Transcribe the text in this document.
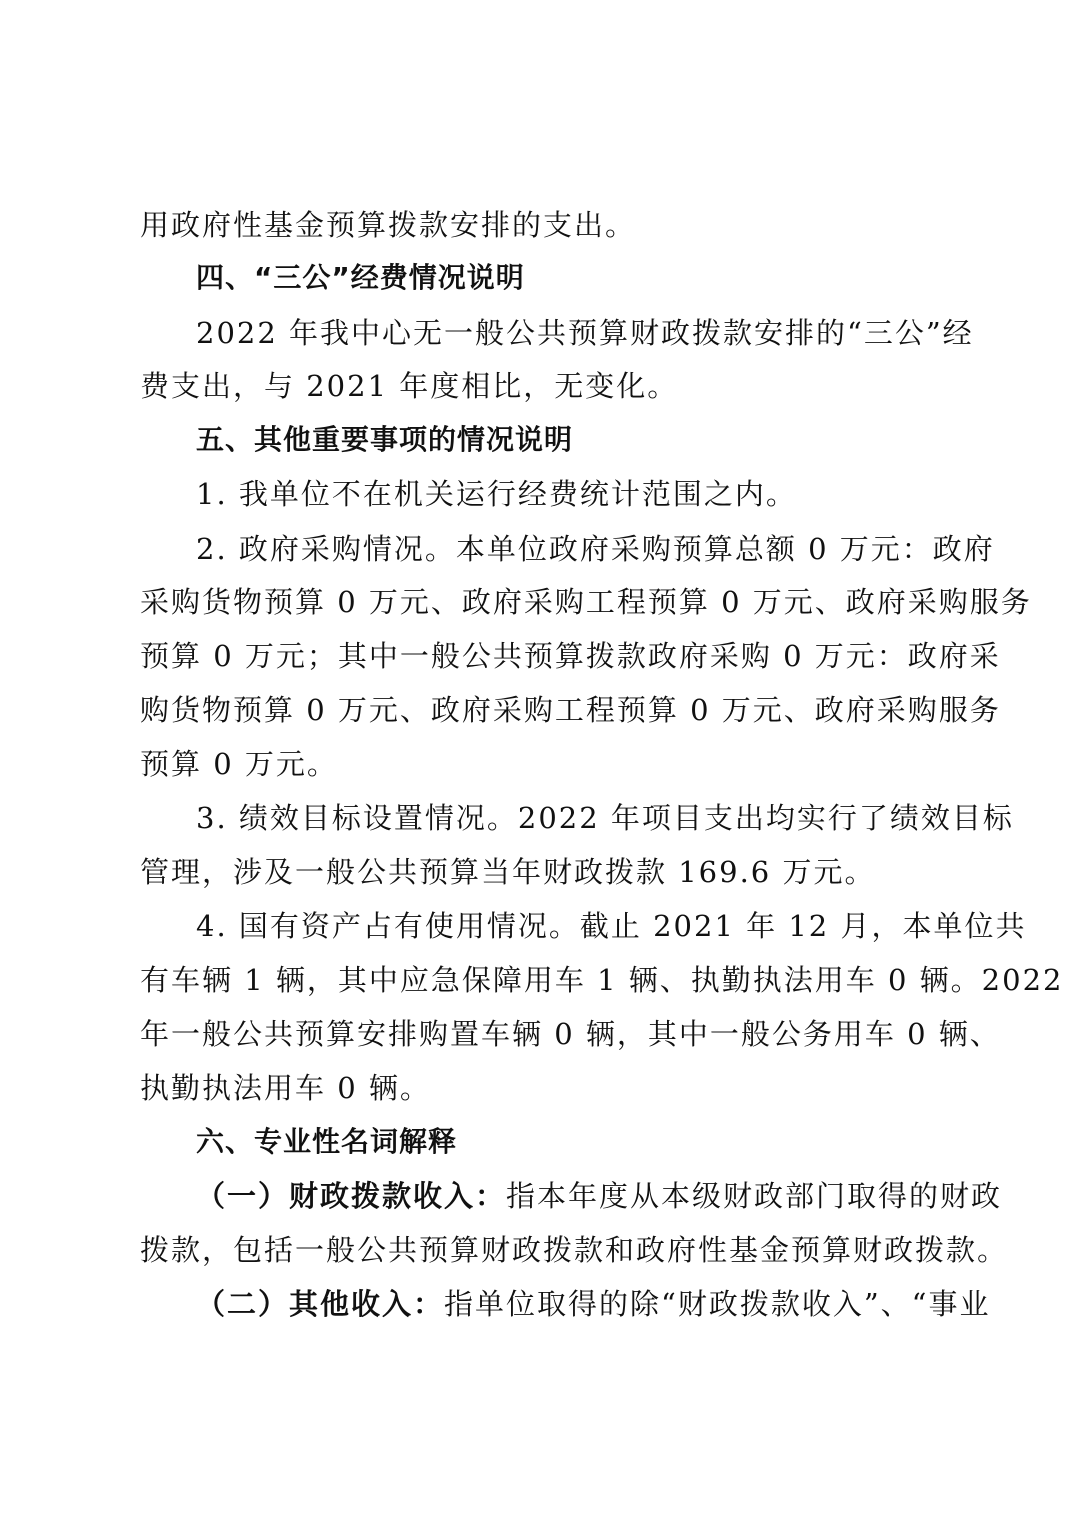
用政府性基金预算拨款安排的支出。
四、“三公”经费情况说明
2022 年我中心无一般公共预算财政拨款安排的“三公”经
费支出，与 2021 年度相比，无变化。
五、其他重要事项的情况说明
1. 我单位不在机关运行经费统计范围之内。
2. 政府采购情况。本单位政府采购预算总额 0 万元：政府
采购货物预算 0 万元、政府采购工程预算 0 万元、政府采购服务
预算 0 万元；其中一般公共预算拨款政府采购 0 万元：政府采
购货物预算 0 万元、政府采购工程预算 0 万元、政府采购服务
预算 0 万元。
3. 绩效目标设置情况。2022 年项目支出均实行了绩效目标
管理，涉及一般公共预算当年财政拨款 169.6 万元。
4. 国有资产占有使用情况。截止 2021 年 12 月，本单位共
有车辆 1 辆，其中应急保障用车 1 辆、执勤执法用车 0 辆。2022
年一般公共预算安排购置车辆 0 辆，其中一般公务用车 0 辆、
执勤执法用车 0 辆。
六、专业性名词解释
（一）财政拨款收入：指本年度从本级财政部门取得的财政
拨款，包括一般公共预算财政拨款和政府性基金预算财政拨款。
（二）其他收入：指单位取得的除“财政拨款收入”、“事业
